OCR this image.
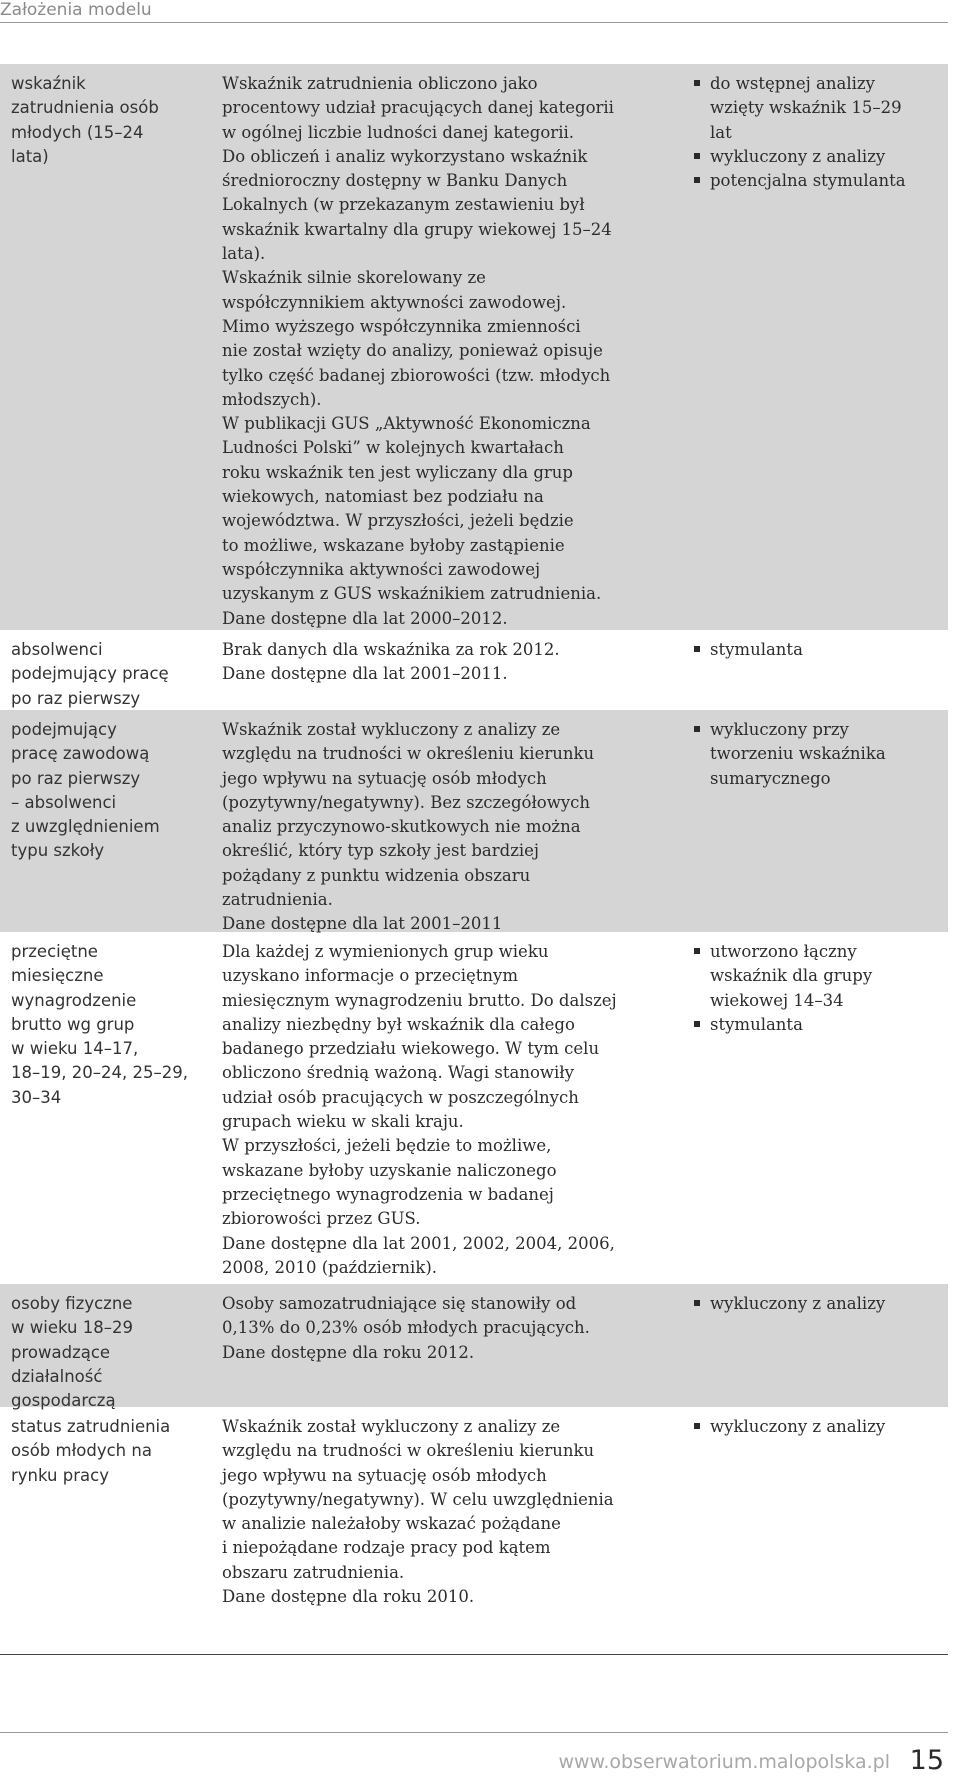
Założenia modelu
wskaźnik
zatrudnienia osób
młodych (15–24
lata)
Wskaźnik zatrudnienia obliczono jako
procentowy udział pracujących danej kategorii
w ogólnej liczbie ludności danej kategorii.
Do obliczeń i analiz wykorzystano wskaźnik
średnioroczny dostępny w Banku Danych
Lokalnych (w przekazanym zestawieniu był
wskaźnik kwartalny dla grupy wiekowej 15–24
lata).
Wskaźnik silnie skorelowany ze
współczynnikiem aktywności zawodowej.
Mimo wyższego współczynnika zmienności
nie został wzięty do analizy, ponieważ opisuje
tylko część badanej zbiorowości (tzw. młodych
młodszych).
W publikacji GUS „Aktywność Ekonomiczna
Ludności Polski” w kolejnych kwartałach
roku wskaźnik ten jest wyliczany dla grup
wiekowych, natomiast bez podziału na
województwa. W przyszłości, jeżeli będzie
to możliwe, wskazane byłoby zastąpienie
współczynnika aktywności zawodowej
uzyskanym z GUS wskaźnikiem zatrudnienia.
Dane dostępne dla lat 2000–2012.
do wstępnej analizy
wzięty wskaźnik 15–29
lat
wykluczony z analizy
potencjalna stymulanta
absolwenci
podejmujący pracę
po raz pierwszy
Brak danych dla wskaźnika za rok 2012.
Dane dostępne dla lat 2001–2011.
stymulanta
podejmujący
pracę zawodową
po raz pierwszy
– absolwenci
z uwzględnieniem
typu szkoły
Wskaźnik został wykluczony z analizy ze
względu na trudności w określeniu kierunku
jego wpływu na sytuację osób młodych
(pozytywny/negatywny). Bez szczegółowych
analiz przyczynowo-skutkowych nie można
określić, który typ szkoły jest bardziej
pożądany z punktu widzenia obszaru
zatrudnienia.
Dane dostępne dla lat 2001–2011
wykluczony przy
tworzeniu wskaźnika
sumarycznego
przeciętne
miesięczne
wynagrodzenie
brutto wg grup
w wieku 14–17,
18–19, 20–24, 25–29,
30–34
Dla każdej z wymienionych grup wieku
uzyskano informacje o przeciętnym
miesięcznym wynagrodzeniu brutto. Do dalszej
analizy niezbędny był wskaźnik dla całego
badanego przedziału wiekowego. W tym celu
obliczono średnią ważoną. Wagi stanowiły
udział osób pracujących w poszczególnych
grupach wieku w skali kraju.
W przyszłości, jeżeli będzie to możliwe,
wskazane byłoby uzyskanie naliczonego
przeciętnego wynagrodzenia w badanej
zbiorowości przez GUS.
Dane dostępne dla lat 2001, 2002, 2004, 2006,
2008, 2010 (październik).
utworzono łączny
wskaźnik dla grupy
wiekowej 14–34
stymulanta
osoby fizyczne
w wieku 18–29
prowadzące
działalność
gospodarczą
Osoby samozatrudniające się stanowiły od
0,13% do 0,23% osób młodych pracujących.
Dane dostępne dla roku 2012.
wykluczony z analizy
status zatrudnienia
osób młodych na
rynku pracy
Wskaźnik został wykluczony z analizy ze
względu na trudności w określeniu kierunku
jego wpływu na sytuację osób młodych
(pozytywny/negatywny). W celu uwzględnienia
w analizie należałoby wskazać pożądane
i niepożądane rodzaje pracy pod kątem
obszaru zatrudnienia.
Dane dostępne dla roku 2010.
wykluczony z analizy
www.obserwatorium.malopolska.pl 15
